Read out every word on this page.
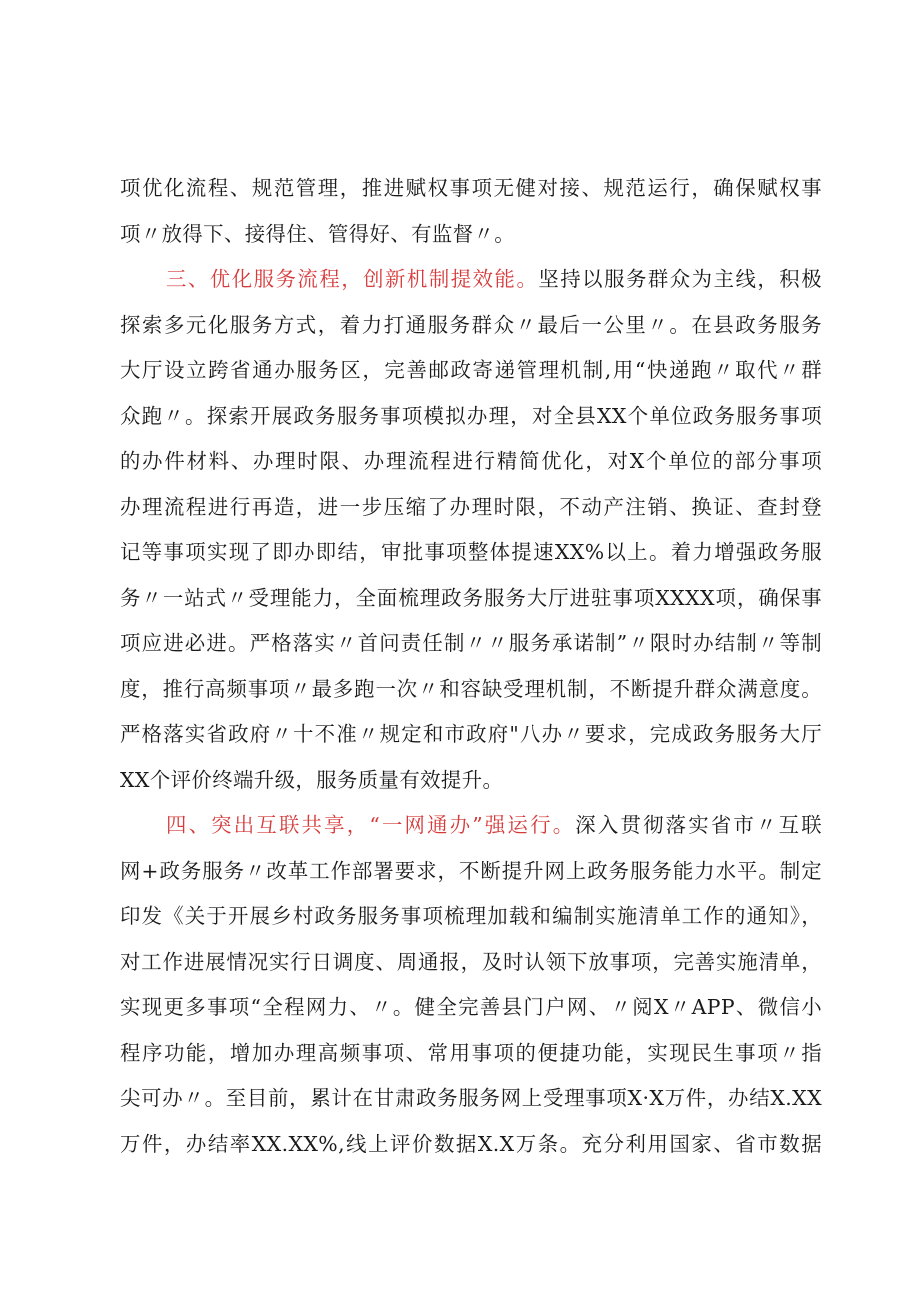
项优化流程、规范管理，推进赋权事项无健对接、规范运行，确保赋权事
项〃放得下、接得住、管得好、有监督〃。
三、优化服务流程，创新机制提效能。坚持以服务群众为主线，积极
探索多元化服务方式，着力打通服务群众〃最后一公里〃。在县政务服务
大厅设立跨省通办服务区，完善邮政寄递管理机制,用“快递跑〃取代〃群
众跑〃。探索开展政务服务事项模拟办理，对全县XX个单位政务服务事项
的办件材料、办理时限、办理流程进行精简优化，对X个单位的部分事项
办理流程进行再造，进一步压缩了办理时限，不动产注销、换证、查封登
记等事项实现了即办即结，审批事项整体提速XX%以上。着力增强政务服
务〃一站式〃受理能力，全面梳理政务服务大厅进驻事项XXXX项，确保事
项应进必进。严格落实〃首问责任制〃〃服务承诺制”〃限时办结制〃等制
度，推行高频事项〃最多跑一次〃和容缺受理机制，不断提升群众满意度。
严格落实省政府〃十不准〃规定和市政府"八办〃要求，完成政务服务大厅
XX个评价终端升级，服务质量有效提升。
四、突出互联共享，“一网通办”强运行。深入贯彻落实省市〃互联
网+政务服务〃改革工作部署要求，不断提升网上政务服务能力水平。制定
印发《关于开展乡村政务服务事项梳理加载和编制实施清单工作的通知》，
对工作进展情况实行日调度、周通报，及时认领下放事项，完善实施清单，
实现更多事项“全程网力、〃。健全完善县门户网、〃阅X〃APP、微信小
程序功能，增加办理高频事项、常用事项的便捷功能，实现民生事项〃指
尖可办〃。至目前，累计在甘肃政务服务网上受理事项X·X万件，办结X.XX
万件，办结率XX.XX%,线上评价数据X.X万条。充分利用国家、省市数据
